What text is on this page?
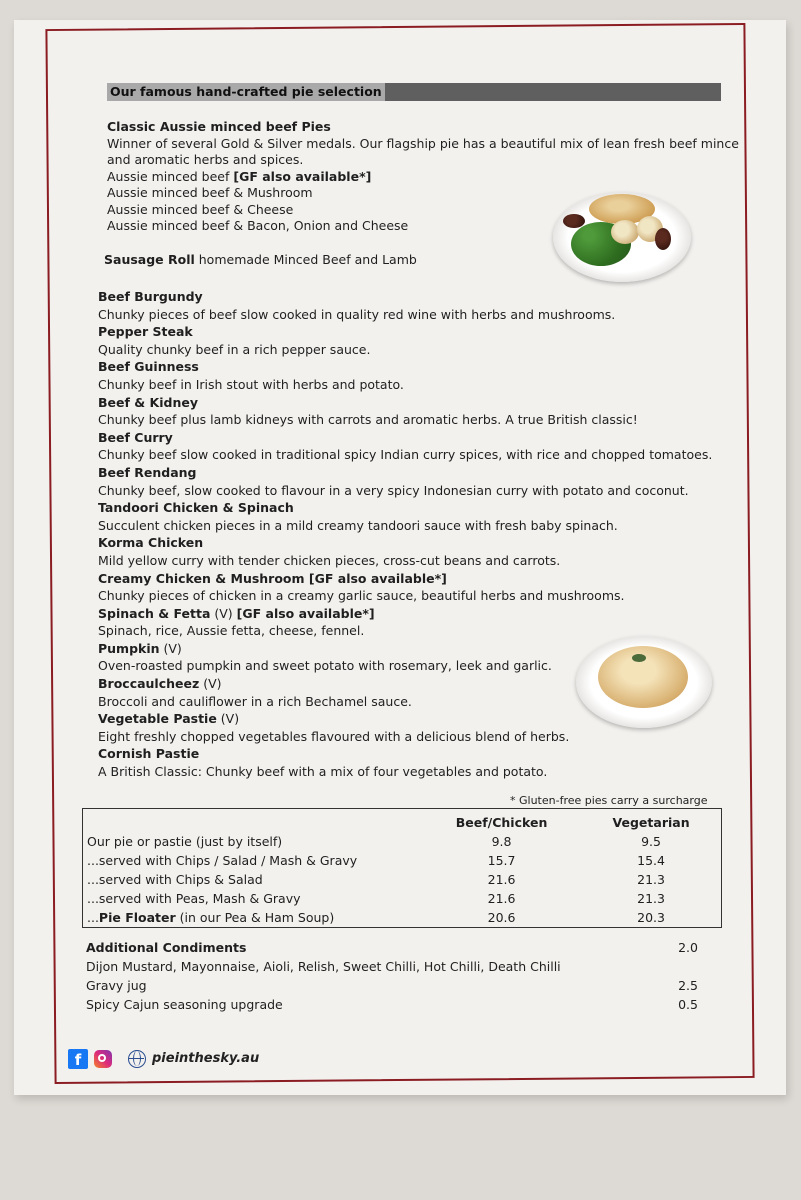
Our famous hand-crafted pie selection

Classic Aussie minced beef Pies

Winner of several Gold & Silver medals. Our flagship pie has a beautiful mix of lean fresh beef mince

and aromatic herbs and spices.

Aussie minced beef [GF also available*]

Aussie minced beef & Mushroom

Aussie minced beef & Cheese

Aussie minced beef & Bacon, Onion and Cheese

Sausage Roll homemade Minced Beef and Lamb

Beef Burgundy

Chunky pieces of beef slow cooked in quality red wine with herbs and mushrooms.

Pepper Steak

Quality chunky beef in a rich pepper sauce.

Beef Guinness

Chunky beef in Irish stout with herbs and potato.

Beef & Kidney

Chunky beef plus lamb kidneys with carrots and aromatic herbs. A true British classic!

Beef Curry

Chunky beef slow cooked in traditional spicy Indian curry spices, with rice and chopped tomatoes.

Beef Rendang

Chunky beef, slow cooked to flavour in a very spicy Indonesian curry with potato and coconut.

Tandoori Chicken & Spinach

Succulent chicken pieces in a mild creamy tandoori sauce with fresh baby spinach.

Korma Chicken

Mild yellow curry with tender chicken pieces, cross-cut beans and carrots.

Creamy Chicken & Mushroom [GF also available*]

Chunky pieces of chicken in a creamy garlic sauce, beautiful herbs and mushrooms.

Spinach & Fetta (V) [GF also available*]

Spinach, rice, Aussie fetta, cheese, fennel.

Pumpkin (V)

Oven-roasted pumpkin and sweet potato with rosemary, leek and garlic.

Broccaulcheez (V)

Broccoli and cauliflower in a rich Bechamel sauce.

Vegetable Pastie (V)

Eight freshly chopped vegetables flavoured with a delicious blend of herbs.

Cornish Pastie

A British Classic: Chunky beef with a mix of four vegetables and potato.

* Gluten-free pies carry a surcharge
	Beef/Chicken	Vegetarian
Our pie or pastie (just by itself)	9.8	9.5
...served with Chips / Salad / Mash & Gravy	15.7	15.4
...served with Chips & Salad	21.6	21.3
...served with Peas, Mash & Gravy	21.6	21.3
...Pie Floater (in our Pea & Ham Soup)	20.6	20.3
Additional Condiments	2.0
Dijon Mustard, Mayonnaise, Aioli, Relish, Sweet Chilli, Hot Chilli, Death Chilli
Gravy jug	2.5
Spicy Cajun seasoning upgrade	0.5
f	pieinthesky.au
